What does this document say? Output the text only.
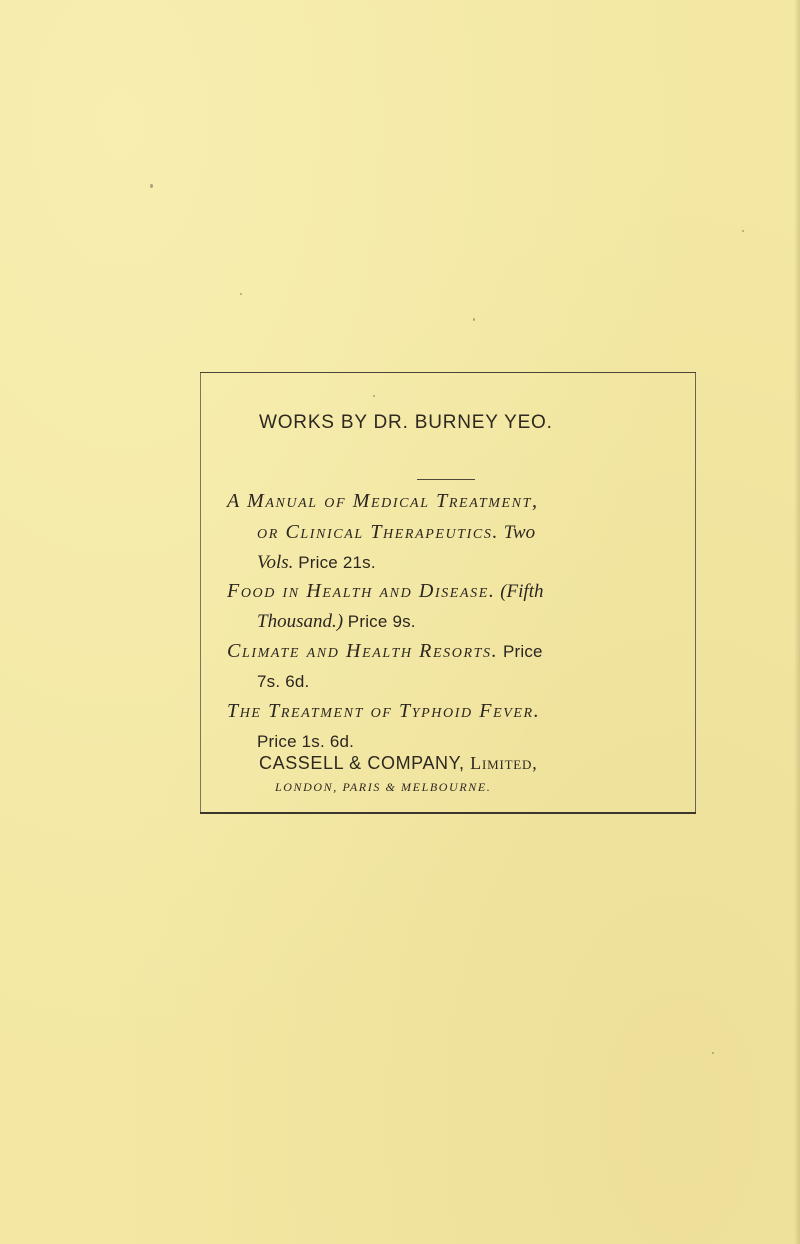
WORKS BY DR. BURNEY YEO.
A Manual of Medical Treatment,
or Clinical Therapeutics. Two
Vols. Price 21s.
Food in Health and Disease. (Fifth
Thousand.) Price 9s.
Climate and Health Resorts. Price
7s. 6d.
The Treatment of Typhoid Fever.
Price 1s. 6d.
CASSELL & COMPANY, Limited,
LONDON, PARIS & MELBOURNE.
